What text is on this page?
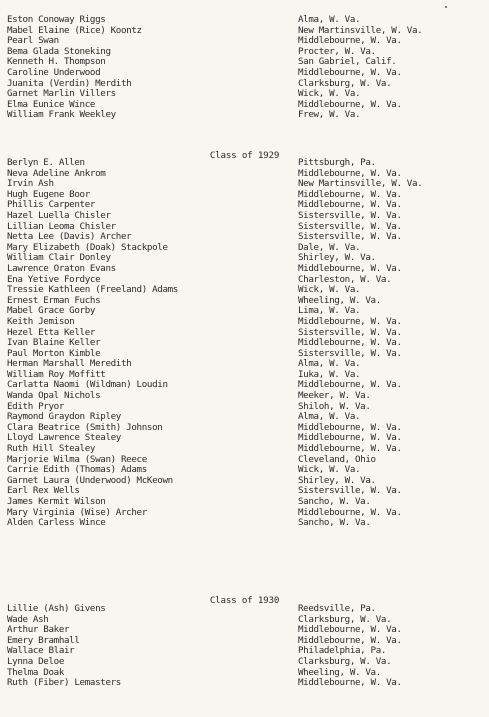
Eston Conoway Riggs	Alma, W. Va.
Mabel Elaine (Rice) Koontz	New Martinsville, W. Va.
Pearl Swan	Middlebourne, W. Va.
Bema Glada Stoneking	Procter, W. Va.
Kenneth H. Thompson	San Gabriel, Calif.
Caroline Underwood	Middlebourne, W. Va.
Juanita (Verdin) Merdith	Clarksburg, W. Va.
Garnet Marlin Villers	Wick, W. Va.
Elma Eunice Wince	Middlebourne, W. Va.
William Frank Weekley	Frew, W. Va.
Class of 1929
Berlyn E. Allen	Pittsburgh, Pa.
Neva Adeline Ankrom	Middlebourne, W. Va.
Irvin Ash	New Martinsville, W. Va.
Hugh Eugene Boor	Middlebourne, W. Va.
Phillis Carpenter	Middlebourne, W. Va.
Hazel Luella Chisler	Sistersville, W. Va.
Lillian Leoma Chisler	Sistersville, W. Va.
Netta Lee (Davis) Archer	Sistersville, W. Va.
Mary Elizabeth (Doak) Stackpole	Dale, W. Va.
William Clair Donley	Shirley, W. Va.
Lawrence Oraton Evans	Middlebourne, W. Va.
Ena Yetive Fordyce	Charleston, W. Va.
Tressie Kathleen (Freeland) Adams	Wick, W. Va.
Ernest Erman Fuchs	Wheeling, W. Va.
Mabel Grace Gorby	Lima, W. Va.
Keith Jemison	Middlebourne, W. Va.
Hezel Etta Keller	Sistersville, W. Va.
Ivan Blaine Keller	Middlebourne, W. Va.
Paul Morton Kimble	Sistersville, W. Va.
Herman Marshall Meredith	Alma, W. Va.
William Roy Moffitt	Iuka, W. Va.
Carlatta Naomi (Wildman) Loudin	Middlebourne, W. Va.
Wanda Opal Nichols	Meeker, W. Va.
Edith Pryor	Shiloh, W. Va.
Raymond Graydon Ripley	Alma, W. Va.
Clara Beatrice (Smith) Johnson	Middlebourne, W. Va.
Lloyd Lawrence Stealey	Middlebourne, W. Va.
Ruth Hill Stealey	Middlebourne, W. Va.
Marjorie Wilma (Swan) Reece	Cleveland, Ohio
Carrie Edith (Thomas) Adams	Wick, W. Va.
Garnet Laura (Underwood) McKeown	Shirley, W. Va.
Earl Rex Wells	Sistersville, W. Va.
James Kermit Wilson	Sancho, W. Va.
Mary Virginia (Wise) Archer	Middlebourne, W. Va.
Alden Carless Wince	Sancho, W. Va.
Class of 1930
Lillie (Ash) Givens	Reedsville, Pa.
Wade Ash	Clarksburg, W. Va.
Arthur Baker	Middlebourne, W. Va.
Emery Bramhall	Middlebourne, W. Va.
Wallace Blair	Philadelphia, Pa.
Lynna Deloe	Clarksburg, W. Va.
Thelma Doak	Wheeling, W. Va.
Ruth (Fiber) Lemasters	Middlebourne, W. Va.
